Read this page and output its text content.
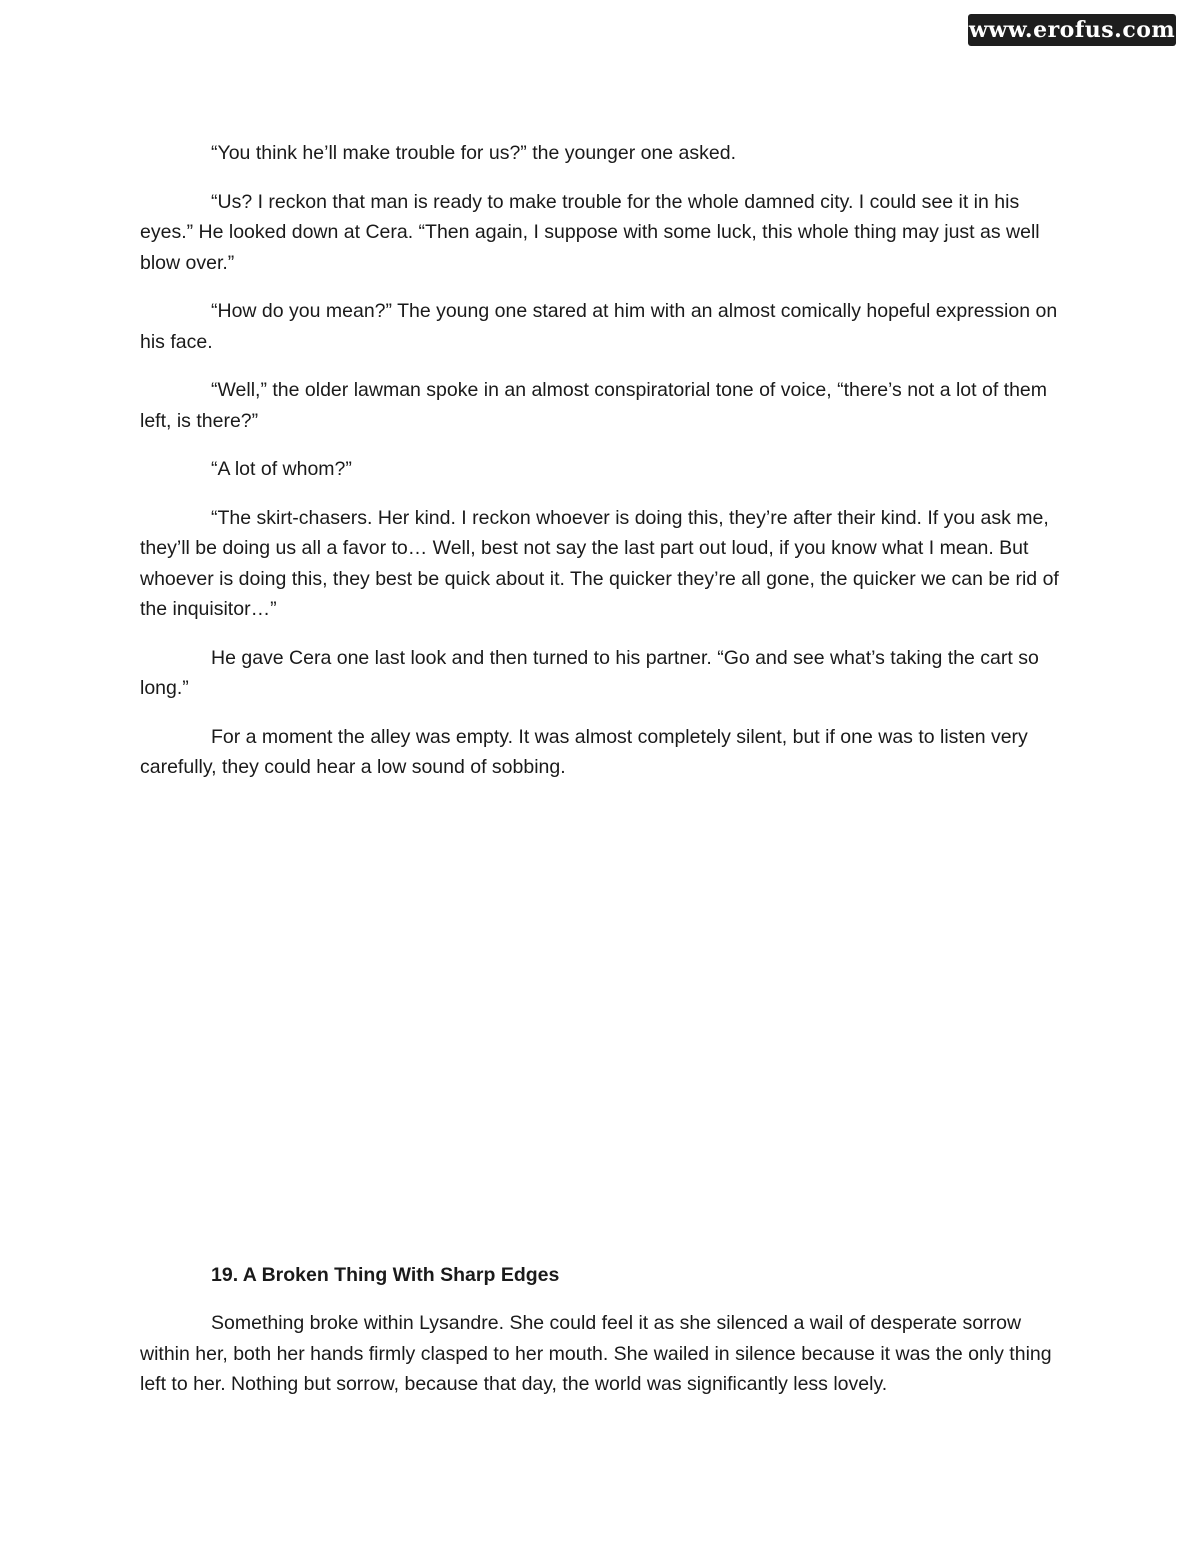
www.erofus.com

“You think he’ll make trouble for us?” the younger one asked.

“Us? I reckon that man is ready to make trouble for the whole damned city. I could see it in his eyes.” He looked down at Cera. “Then again, I suppose with some luck, this whole thing may just as well blow over.”

“How do you mean?” The young one stared at him with an almost comically hopeful expression on his face.

“Well,” the older lawman spoke in an almost conspiratorial tone of voice, “there’s not a lot of them left, is there?”

“A lot of whom?”

“The skirt-chasers. Her kind. I reckon whoever is doing this, they’re after their kind. If you ask me, they’ll be doing us all a favor to… Well, best not say the last part out loud, if you know what I mean. But whoever is doing this, they best be quick about it. The quicker they’re all gone, the quicker we can be rid of the inquisitor…”

He gave Cera one last look and then turned to his partner. “Go and see what’s taking the cart so long.”

For a moment the alley was empty. It was almost completely silent, but if one was to listen very carefully, they could hear a low sound of sobbing.

19. A Broken Thing With Sharp Edges

Something broke within Lysandre. She could feel it as she silenced a wail of desperate sorrow within her, both her hands firmly clasped to her mouth. She wailed in silence because it was the only thing left to her. Nothing but sorrow, because that day, the world was significantly less lovely.
